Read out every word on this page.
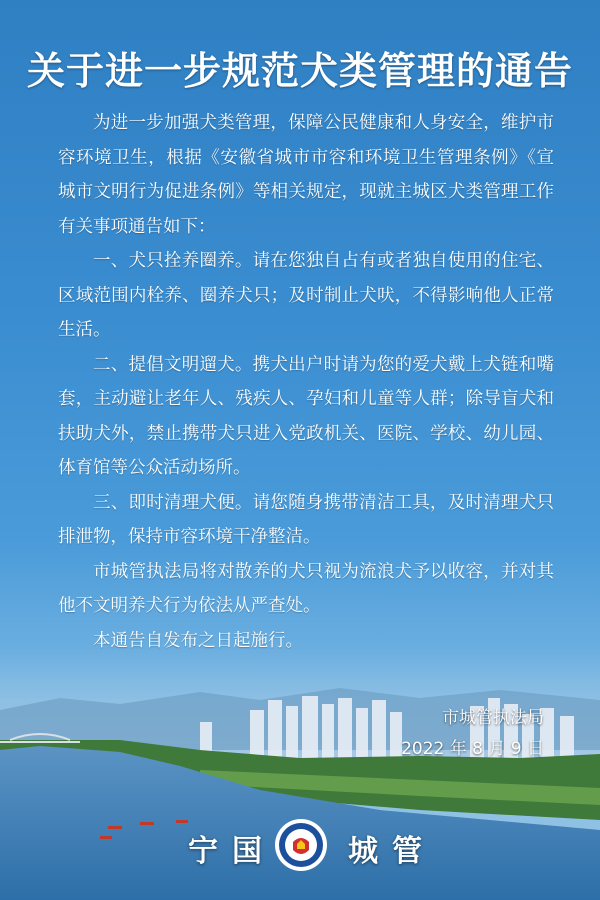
关于进一步规范犬类管理的通告

为进一步加强犬类管理，保障公民健康和人身安全，维护市容环境卫生，根据《安徽省城市市容和环境卫生管理条例》《宣城市文明行为促进条例》等相关规定，现就主城区犬类管理工作有关事项通告如下：

一、犬只拴养圈养。请在您独自占有或者独自使用的住宅、区域范围内栓养、圈养犬只；及时制止犬吠，不得影响他人正常生活。

二、提倡文明遛犬。携犬出户时请为您的爱犬戴上犬链和嘴套，主动避让老年人、残疾人、孕妇和儿童等人群；除导盲犬和扶助犬外，禁止携带犬只进入党政机关、医院、学校、幼儿园、体育馆等公众活动场所。

三、即时清理犬便。请您随身携带清洁工具，及时清理犬只排泄物，保持市容环境干净整洁。

市城管执法局将对散养的犬只视为流浪犬予以收容，并对其他不文明养犬行为依法从严查处。

本通告自发布之日起施行。

市城管执法局
2022 年 8 月 9 日
宁国 城管
